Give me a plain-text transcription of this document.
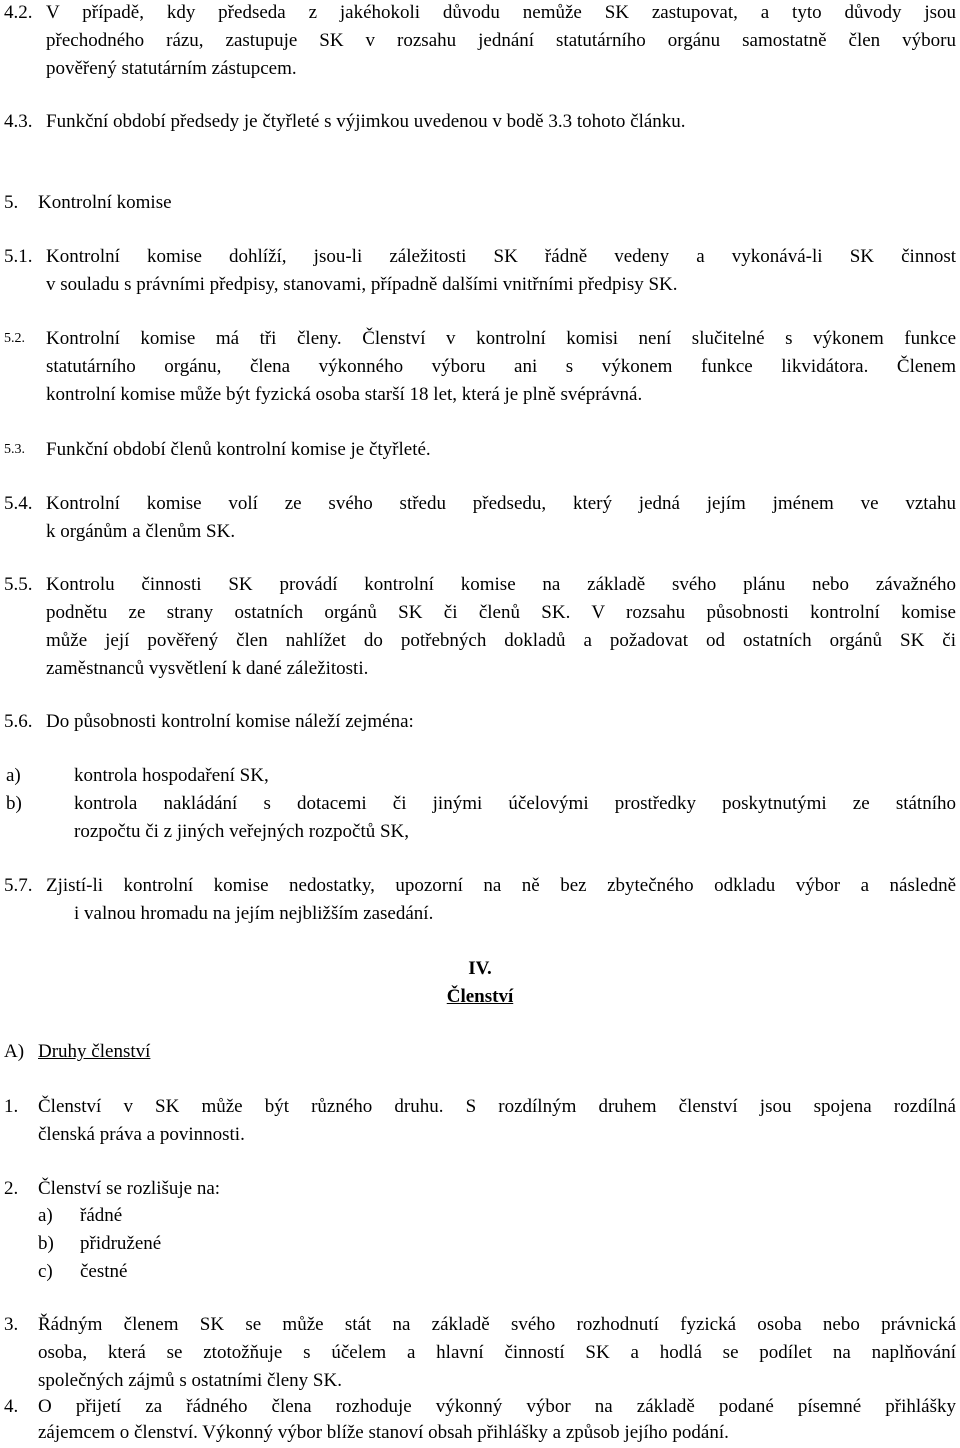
4.2. V případě, kdy předseda z jakéhokoli důvodu nemůže SK zastupovat, a tyto důvody jsou
přechodného rázu, zastupuje SK v rozsahu jednání statutárního orgánu samostatně člen výboru
pověřený statutárním zástupcem.
4.3. Funkční období předsedy je čtyřleté s výjimkou uvedenou v bodě 3.3 tohoto článku.
5. Kontrolní komise
5.1. Kontrolní komise dohlíží, jsou-li záležitosti SK řádně vedeny a vykonává-li SK činnost
v souladu s právními předpisy, stanovami, případně dalšími vnitřními předpisy SK.
5.2. Kontrolní komise má tři členy. Členství v kontrolní komisi není slučitelné s výkonem funkce
statutárního orgánu, člena výkonného výboru ani s výkonem funkce likvidátora. Členem
kontrolní komise může být fyzická osoba starší 18 let, která je plně svéprávná.
5.3. Funkční období členů kontrolní komise je čtyřleté.
5.4. Kontrolní komise volí ze svého středu předsedu, který jedná jejím jménem ve vztahu
k orgánům a členům SK.
5.5. Kontrolu činnosti SK provádí kontrolní komise na základě svého plánu nebo závažného
podnětu ze strany ostatních orgánů SK či členů SK. V rozsahu působnosti kontrolní komise
může její pověřený člen nahlížet do potřebných dokladů a požadovat od ostatních orgánů SK či
zaměstnanců vysvětlení k dané záležitosti.
5.6. Do působnosti kontrolní komise náleží zejména:
a)	kontrola hospodaření SK,
b)	kontrola nakládání s dotacemi či jinými účelovými prostředky poskytnutými ze státního
rozpočtu či z jiných veřejných rozpočtů SK,
5.7. Zjistí-li kontrolní komise nedostatky, upozorní na ně bez zbytečného odkladu výbor a následně
i valnou hromadu na jejím nejbližším zasedání.
IV.
Členství
A) Druhy členství
1. Členství v SK může být různého druhu. S rozdílným druhem členství jsou spojena rozdílná
členská práva a povinnosti.
2. Členství se rozlišuje na:
a) řádné
b) přidružené
c) čestné
3. Řádným členem SK se může stát na základě svého rozhodnutí fyzická osoba nebo právnická
osoba, která se ztotožňuje s účelem a hlavní činností SK a hodlá se podílet na naplňování
společných zájmů s ostatními členy SK.
4. O přijetí za řádného člena rozhoduje výkonný výbor na základě podané písemné přihlášky
zájemcem o členství. Výkonný výbor blíže stanoví obsah přihlášky a způsob jejího podání.
